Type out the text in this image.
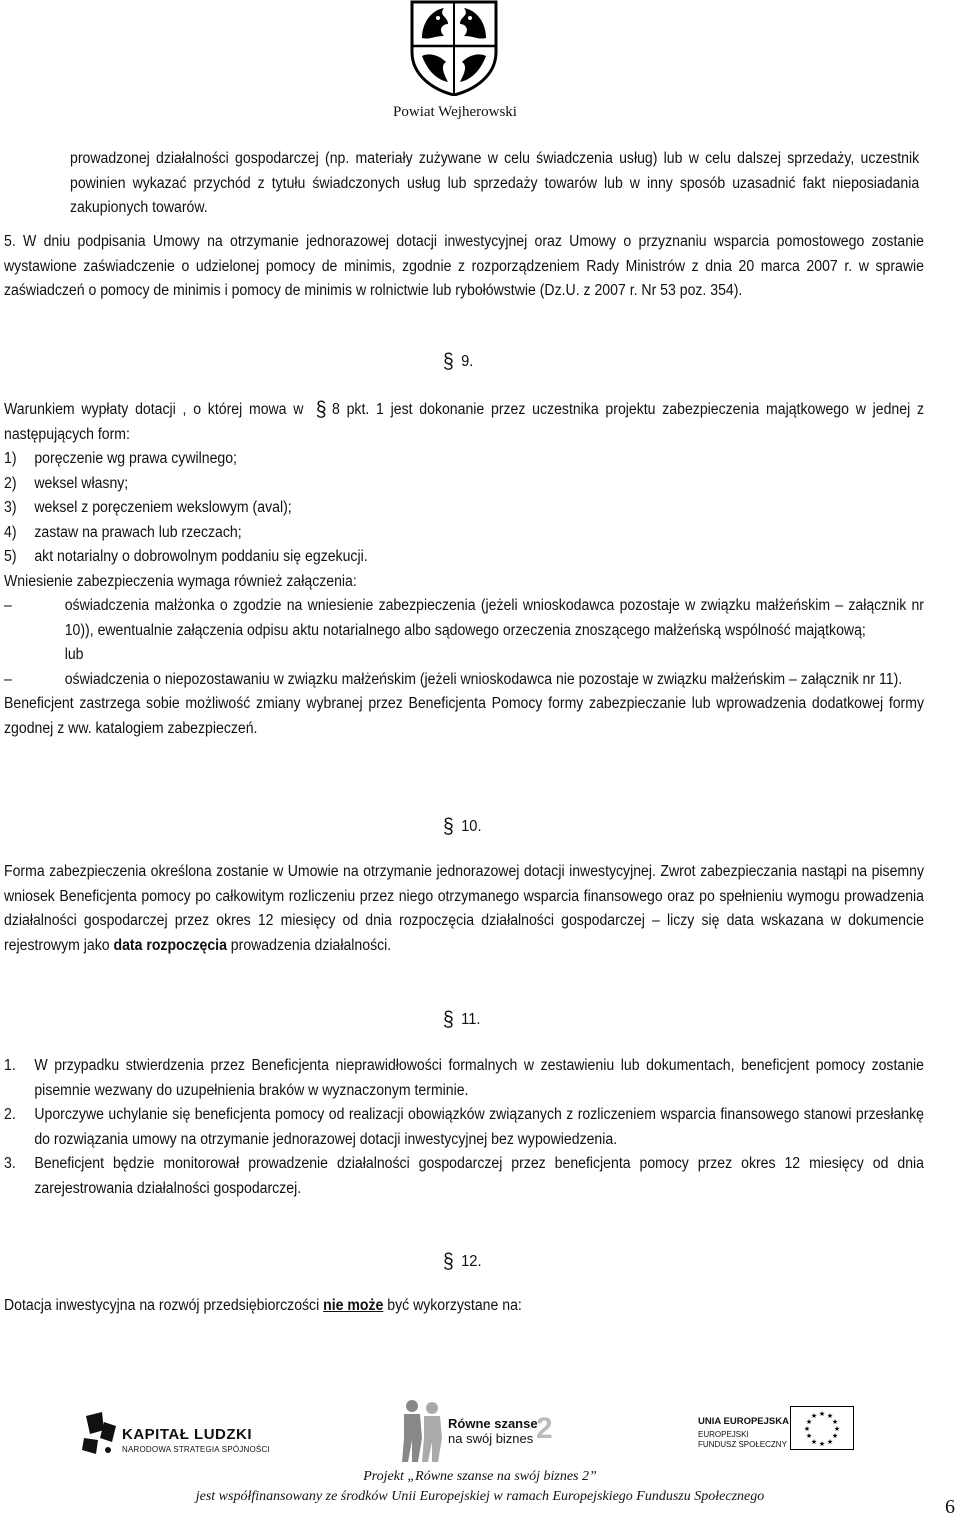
Powiat Wejherowski

prowadzonej działalności gospodarczej (np. materiały zużywane w celu świadczenia usług) lub w celu dalszej sprzedaży, uczestnik powinien wykazać przychód z tytułu świadczonych usług lub sprzedaży towarów lub w inny sposób uzasadnić fakt nieposiadania zakupionych towarów.

5. W dniu podpisania Umowy na otrzymanie jednorazowej dotacji inwestycyjnej oraz Umowy o przyznaniu wsparcia pomostowego zostanie wystawione zaświadczenie o udzielonej pomocy de minimis, zgodnie z rozporządzeniem Rady Ministrów z dnia 20 marca 2007 r. w sprawie zaświadczeń o pomocy de minimis i pomocy de minimis w rolnictwie lub rybołówstwie (Dz.U. z 2007 r. Nr 53 poz. 354).

§ 9.

Warunkiem wypłaty dotacji , o której mowa w § 8 pkt. 1 jest dokonanie przez uczestnika projektu zabezpieczenia majątkowego w jednej z następujących form:

1)	poręczenie wg prawa cywilnego;
2)	weksel własny;
3)	weksel z poręczeniem wekslowym (aval);
4)	zastaw na prawach lub rzeczach;
5)	akt notarialny o dobrowolnym poddaniu się egzekucji.

Wniesienie zabezpieczenia wymaga również załączenia:

–	oświadczenia małżonka o zgodzie na wniesienie zabezpieczenia (jeżeli wnioskodawca pozostaje w związku małżeńskim – załącznik nr 10)), ewentualnie załączenia odpisu aktu notarialnego albo sądowego orzeczenia znoszącego małżeńską wspólność majątkową;
lub
–	oświadczenia o niepozostawaniu w związku małżeńskim (jeżeli wnioskodawca nie pozostaje w związku małżeńskim – załącznik nr 11).

Beneficjent zastrzega sobie możliwość zmiany wybranej przez Beneficjenta Pomocy formy zabezpieczanie lub wprowadzenia dodatkowej formy zgodnej z ww. katalogiem zabezpieczeń.

§ 10.

Forma zabezpieczenia określona zostanie w Umowie na otrzymanie jednorazowej dotacji inwestycyjnej. Zwrot zabezpieczania nastąpi na pisemny wniosek Beneficjenta pomocy po całkowitym rozliczeniu przez niego otrzymanego wsparcia finansowego oraz po spełnieniu wymogu prowadzenia działalności gospodarczej przez okres 12 miesięcy od dnia rozpoczęcia działalności gospodarczej – liczy się data wskazana w dokumencie rejestrowym jako data rozpoczęcia prowadzenia działalności.

§ 11.
1.	W przypadku stwierdzenia przez Beneficjenta nieprawidłowości formalnych w zestawieniu lub dokumentach, beneficjent pomocy zostanie pisemnie wezwany do uzupełnienia braków w wyznaczonym terminie.
2.	Uporczywe uchylanie się beneficjenta pomocy od realizacji obowiązków związanych z rozliczeniem wsparcia finansowego stanowi przesłankę do rozwiązania umowy na otrzymanie jednorazowej dotacji inwestycyjnej bez wypowiedzenia.
3.	Beneficjent będzie monitorował prowadzenie działalności gospodarczej przez beneficjenta pomocy przez okres 12 miesięcy od dnia zarejestrowania działalności gospodarczej.
§ 12.

Dotacja inwestycyjna na rozwój przedsiębiorczości nie może być wykorzystane na:

KAPITAŁ LUDZKI
NARODOWA STRATEGIA SPÓJNOŚCI
Równe szanse
na swój biznes 2	UNIA EUROPEJSKA
EUROPEJSKI
FUNDUSZ SPOŁECZNY
★ ★
★
★
★
★
★
★
★
★
★
★
Projekt „Równe szanse na swój biznes 2”
jest współfinansowany ze środków Unii Europejskiej w ramach Europejskiego Funduszu Społecznego	6
